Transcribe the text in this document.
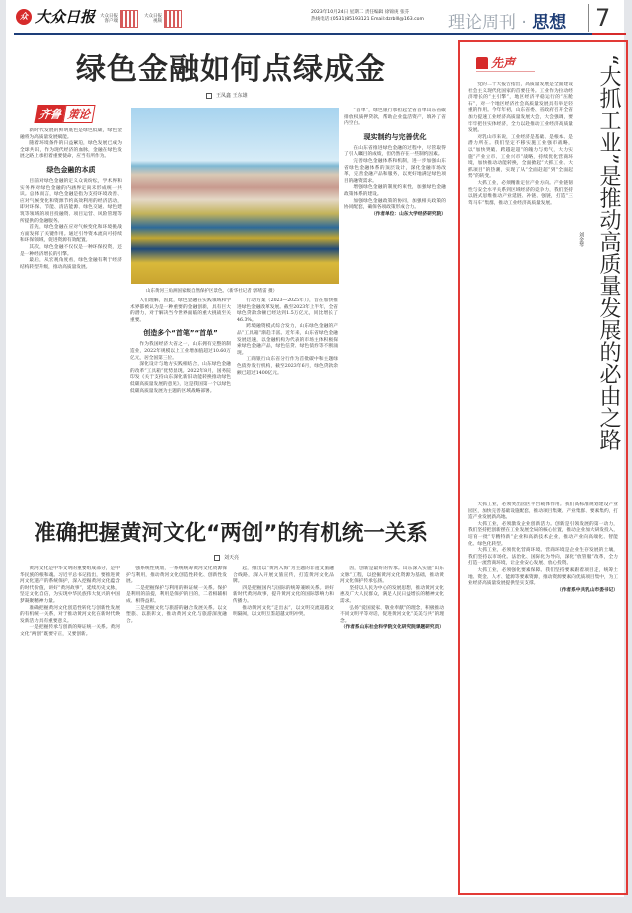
众 大众日报	大众日报客户端
大众日报视频
2023年10月24日 星期二 责任编辑 徐锦庚 张芬
热线电话:(0531)85193121 Email:dzrblll@163.com 理论周刊 · 思想 7
绿色金融如何点绿成金
王凤鑫 王东雄
齐鲁 策论

新时代发展的鲜明底色是绿色低碳，绿色金融将为高质量发展赋能。

随着环境条件的日益紧迫，绿色发展已成为全球共识，作为现代经济的血脉，金融在绿色发展之路上承担着重要使命，应当有所作为。

绿色金融的本质

目前对绿色金融的定义众说纷纭，学术界和实务界对绿色金融的内涵界定尚未形成统一共识。总体而言，绿色金融是指为支持环境改善、应对气候变化和资源节约高效利用的经济活动，即对环保、节能、清洁能源、绿色交通、绿色建筑等领域的项目投融资、项目运营、风险管理等所提供的金融服务。

首先，绿色金融在应对气候变化和环境挑战方面发挥了关键作用。通过引导资本流向可持续和环保领域，促进资源有效配置。

其次，绿色金融不仅仅是一种环保投资，还是一种经济增长的引擎。

最后，从宏观角度看，绿色金融有利于经济结构转型升级，推动高质量发展。

山东黄河三角洲国家级自然保护区景色。（新华社记者 郭绪雷 摄）

人们理解，因此，绿色金融在实践领域和学术界都被认为是一种重要的金融创新，具有巨大的潜力，对于解决当今世界面临的重大挑战至关重要。

创造多个“首笔”“首单”

作为我国经济大省之一，山东拥有完整的制造业，2022年规模以上工业增加值超过10.60万亿元，居全国第三位。

深化设计与地方实践相结合，山东绿色金融的改革“工具箱”优势显现。2022年8月，国务院印发《关于支持山东深化新旧动能转换推动绿色低碳高质量发展的意见》，这是我国第一个以绿色低碳高质量发展为主题的区域战略部署。

行动方案（2023—2025年）》，旨在加快推进绿色金融改革发展。截至2023年上半年，全省绿色贷款余额已经达到1.5万亿元，同比增长了46.3%。

跨境融资模式综合发力，山东绿色金融的产品“工具箱”渐趋丰富。近年来，山东省绿色金融发展迅速，以金融机构为代表的市场主体积极探索绿色金融产品，绿色信贷、绿色债券等不断涌现。

工商银行山东省分行作为首批碳中和主题绿色债券发行机构，截至2023年6月，绿色贷款余额已超过1400亿元。

“首单”，绿色银行承担起全省首单山东省碳排放权质押贷款，帮助企业盘活资产，填补了省内空白。

现实制约与完善优化

在山东省推进绿色金融的过程中，尽管取得了引人瞩目的成绩，但仍然存在一些制约因素。

完善绿色金融体系和机制，进一步加强山东省绿色金融体系的顶层设计，深化金融市场改革，完善金融产品和服务，以更好地满足绿色项目的融资需求。

增强绿色金融的制度约束性，加强绿色金融政策体系的建设。

加强绿色金融政策的协同，加强相关政策的协同配套，确保各项政策形成合力。

（作者单位：山东大学经济研究院）
准确把握黄河文化“两创”的有机统一关系
刘天亮

黄河文化是中华文明的重要组成部分，是中华民族的根和魂。习近平总书记指出，要推进黄河文化遗产的系统保护，深入挖掘黄河文化蕴含的时代价值，讲好“黄河故事”，延续历史文脉，坚定文化自信，为实现中华民族伟大复兴的中国梦凝聚精神力量。

准确把握黄河文化创造性转化与创新性发展的有机统一关系，对于推动黄河文化在新时代焕发新活力具有重要意义。

一是把握传承与创新的辩证统一关系。黄河文化“两创”既要守正，又要创新。

强系统性规划，一系统统筹黄河文化资源保护与利用，推动黄河文化创造性转化、创新性发展。

二是把握保护与利用的辩证统一关系。保护是利用的前提，利用是保护的目的，二者相辅相成、相得益彰。

三是把握文化与旅游的融合发展关系。以文塑旅、以旅彰文，推动黄河文化与旅游深度融合。

起，推出以“黄河入海”为主题的非遗文旅融合线路，深入开展文旅宣传，打造黄河文化品牌。

四是把握国内与国际的统筹兼顾关系。讲好新时代黄河故事，提升黄河文化的国际影响力和传播力。

推动黄河文化“走出去”，以文明交流超越文明隔阂，以文明互鉴超越文明冲突。

因，创新是最好的传承。山东深入实施“山东文脉”工程，以挖掘黄河文化资源为基础，推动黄河文化保护传承弘扬。

坚持以人民为中心的发展思想，推动黄河文化惠及广大人民群众，满足人民日益增长的精神文化需求。

弘扬“爱国爱家、敬业奉献”的理念，积极推动不同文明平等对话，促进黄河文化“美美与共”的理念。

（作者系山东社会科学院文化研究院课题研究员）
先声	“大抓工业”是推动高质量发展的必由之路
刘金琴

党的二十大报告指出，高质量发展是全面建设社会主义现代化国家的首要任务。工业作为拉动经济增长的“主引擎”，地区经济平稳运行的“压舱石”，对一个地区经济社会高质量发展具有举足轻重的作用。今年年初，山东省委、省政府召开全省加力提速工业经济高质量发展大会，大会强调，要牢牢把住实体经济，全力以赴推动工业经济高质量发展。

对乳山市来说，工业经济是基础、是根本、是潜力所在。我们坚定不移实施工业强市战略，以“加快突破、跨越赶超”的魄力与勇气，大力实施“产业立市、工业兴市”战略，持续优化营商环境，加快推动动能转换，全面掀起“大抓工业、大抓项目”的热潮，实现了从“全面赶超”到“全面起势”的转变。

大抓工业，必须精准定位产业方向。产业链韧性与安全水平关系到区域经济的竞争力，我们坚持以链式思维推动产业延链、补链、强链，打造“三驾马车”集群，推动工业经济高质量发展。

大抓工业，必须突出园区平台载体作用。我们高标准规划建设产业园区，加快完善基础设施配套，推动项目集聚、产业集群、要素集约，打造产业发展新高地。

大抓工业，必须激发企业创新活力。创新是引领发展的第一动力，我们坚持把创新摆在工业发展全局的核心位置，推动企业加大研发投入，培育一批“专精特新”企业和高新技术企业，推动产业向高端化、智能化、绿色化转型。

大抓工业，必须优化营商环境。营商环境是企业生存发展的土壤，我们坚持以市场化、法治化、国际化为导向，深化“放管服”改革，全力打造一流营商环境，让企业安心发展、放心投资。

大抓工业，必须强化要素保障。我们坚持要素跟着项目走，统筹土地、资金、人才、能源等要素资源，推动资源要素向优质项目集中，为工业经济高质量发展提供坚实支撑。

（作者系中共乳山市委书记）
